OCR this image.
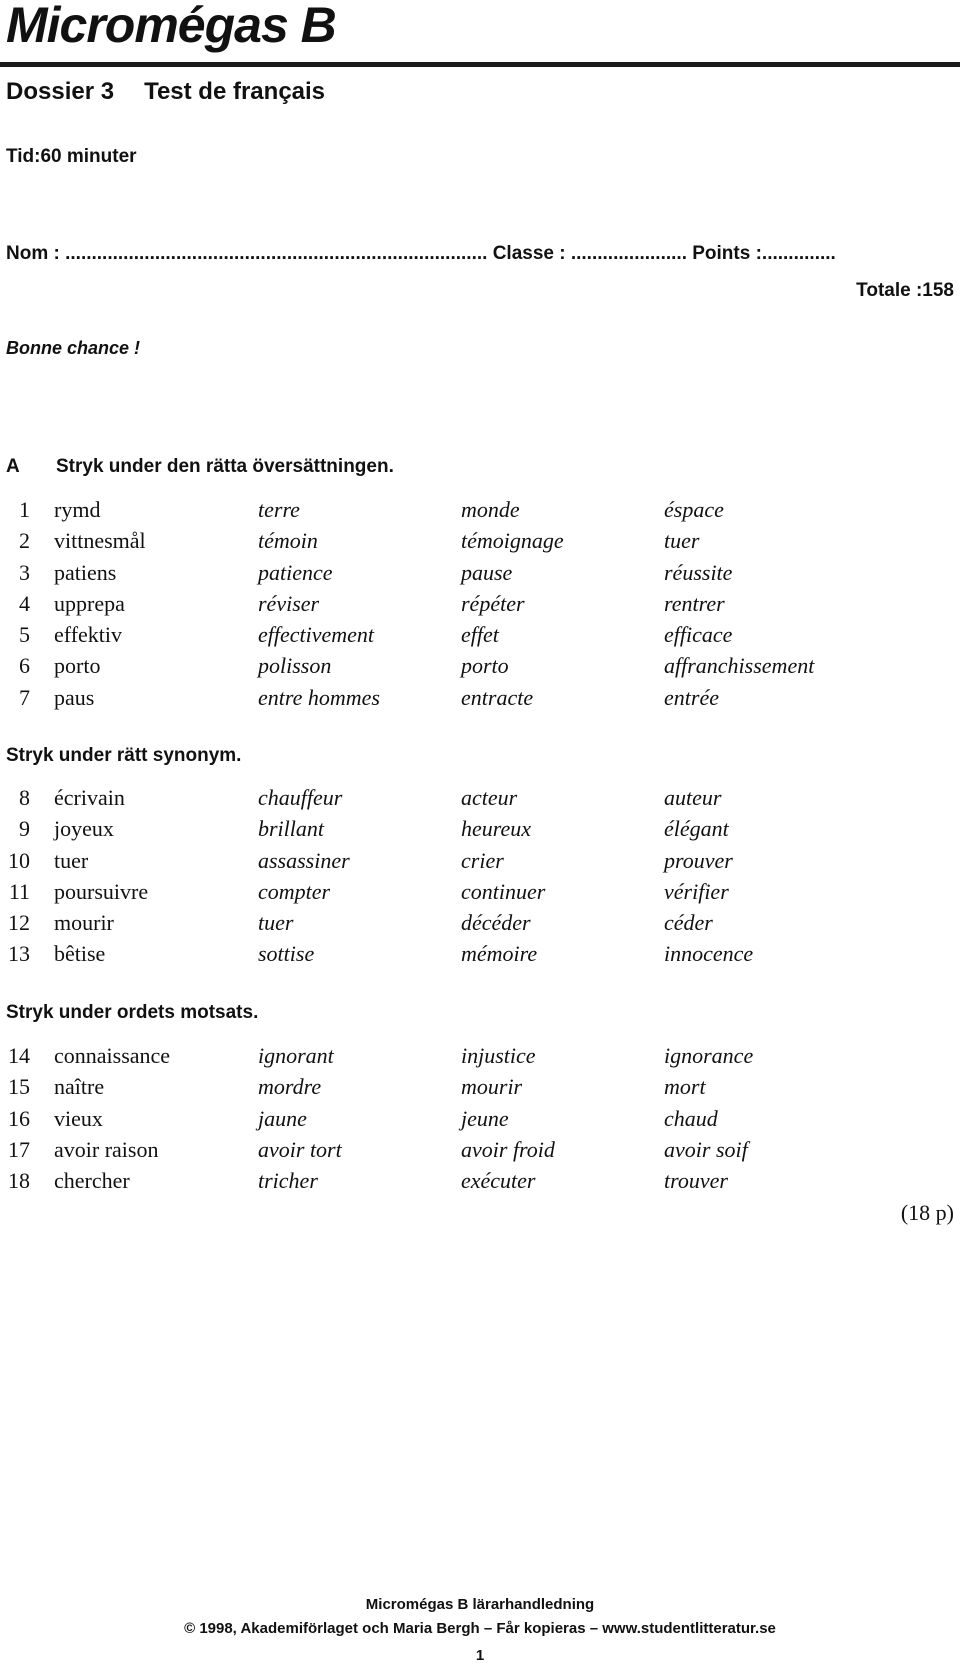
Micromégas B
Dossier 3 Test de français
Tid:60 minuter
Nom : ................................................................................ Classe : ...................... Points :..............
Totale :158
Bonne chance !
A Stryk under den rätta översättningen.
1 rymd	terre	monde	éspace
2 vittnesmål	témoin	témoignage	tuer
3 patiens	patience	pause	réussite
4 upprepa	réviser	répéter	rentrer
5 effektiv	effectivement	effet	efficace
6 porto	polisson	porto	affranchissement
7 paus	entre hommes	entracte	entrée
Stryk under rätt synonym.
8 écrivain	chauffeur	acteur	auteur
9 joyeux	brillant	heureux	élégant
10 tuer	assassiner	crier	prouver
11 poursuivre	compter	continuer	vérifier
12 mourir	tuer	décéder	céder
13 bêtise	sottise	mémoire	innocence
Stryk under ordets motsats.
14 connaissance	ignorant	injustice	ignorance
15 naître	mordre	mourir	mort
16 vieux	jaune	jeune	chaud
17 avoir raison	avoir tort	avoir froid	avoir soif
18 chercher	tricher	exécuter	trouver
(18 p)
Micromégas B lärarhandledning
© 1998, Akademiförlaget och Maria Bergh – Får kopieras – www.studentlitteratur.se
1
